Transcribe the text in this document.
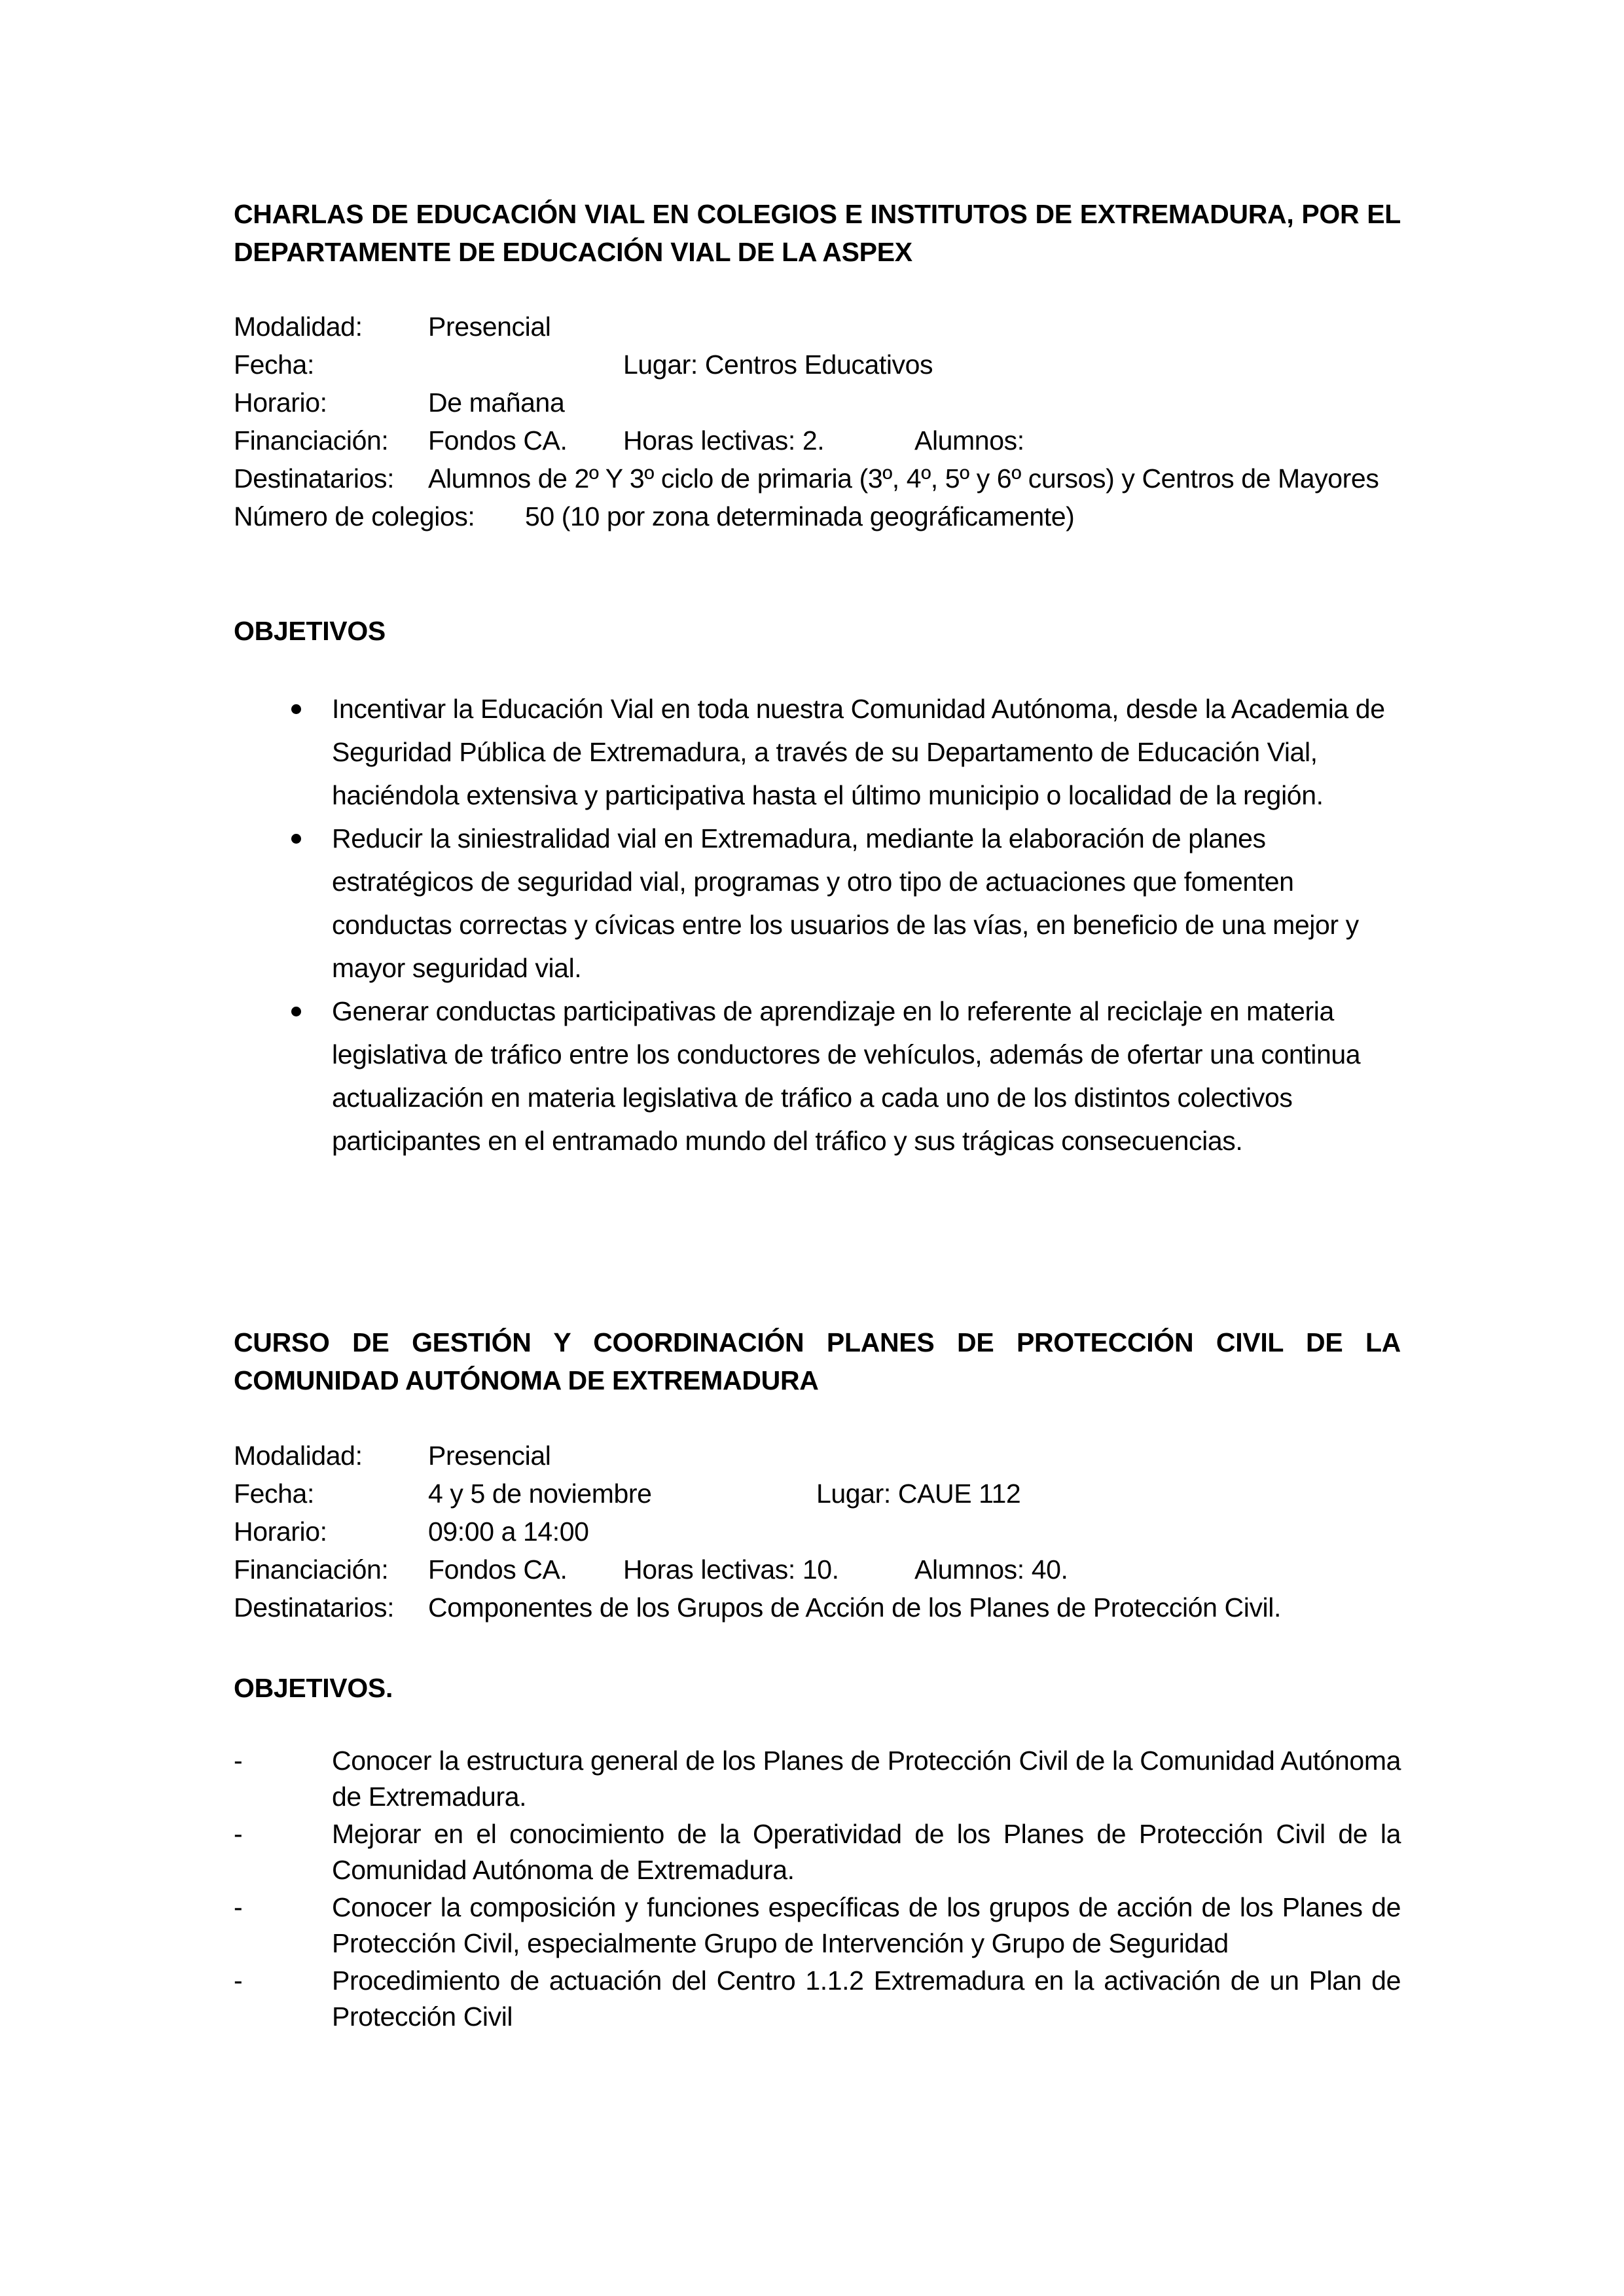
CHARLAS DE EDUCACIÓN VIAL EN COLEGIOS E INSTITUTOS DE EXTREMADURA, POR EL DEPARTAMENTE DE EDUCACIÓN VIAL DE LA ASPEX
Modalidad: Presencial
Fecha:	Lugar: Centros Educativos
Horario:	De mañana
Financiación: Fondos CA. Horas lectivas: 2.	Alumnos:
Destinatarios: Alumnos de 2º Y 3º ciclo de primaria (3º, 4º, 5º y 6º cursos) y Centros de Mayores
Número de colegios: 50 (10 por zona determinada geográficamente)
OBJETIVOS
Incentivar la Educación Vial en toda nuestra Comunidad Autónoma, desde la Academia de Seguridad Pública de Extremadura, a través de su Departamento de Educación Vial, haciéndola extensiva y participativa hasta el último municipio o localidad de la región.
Reducir la siniestralidad vial en Extremadura, mediante la elaboración de planes estratégicos de seguridad vial, programas y otro tipo de actuaciones que fomenten conductas correctas y cívicas entre los usuarios de las vías, en beneficio de una mejor y mayor seguridad vial.
Generar conductas participativas de aprendizaje en lo referente al reciclaje en materia legislativa de tráfico entre los conductores de vehículos, además de ofertar una continua actualización en materia legislativa de tráfico a cada uno de los distintos colectivos participantes en el entramado mundo del tráfico y sus trágicas consecuencias.
CURSO DE GESTIÓN Y COORDINACIÓN PLANES DE PROTECCIÓN CIVIL DE LA COMUNIDAD AUTÓNOMA DE EXTREMADURA
Modalidad: Presencial
Fecha:	4 y 5 de noviembre	Lugar: CAUE 112
Horario:	09:00 a 14:00
Financiación: Fondos CA. Horas lectivas: 10.	Alumnos: 40.
Destinatarios: Componentes de los Grupos de Acción de los Planes de Protección Civil.
OBJETIVOS.
-	Conocer la estructura general de los Planes de Protección Civil de la Comunidad Autónoma de Extremadura.
-	Mejorar en el conocimiento de la Operatividad de los Planes de Protección Civil de la Comunidad Autónoma de Extremadura.
-	Conocer la composición y funciones específicas de los grupos de acción de los Planes de Protección Civil, especialmente Grupo de Intervención y Grupo de Seguridad
-	Procedimiento de actuación del Centro 1.1.2 Extremadura en la activación de un Plan de Protección Civil
